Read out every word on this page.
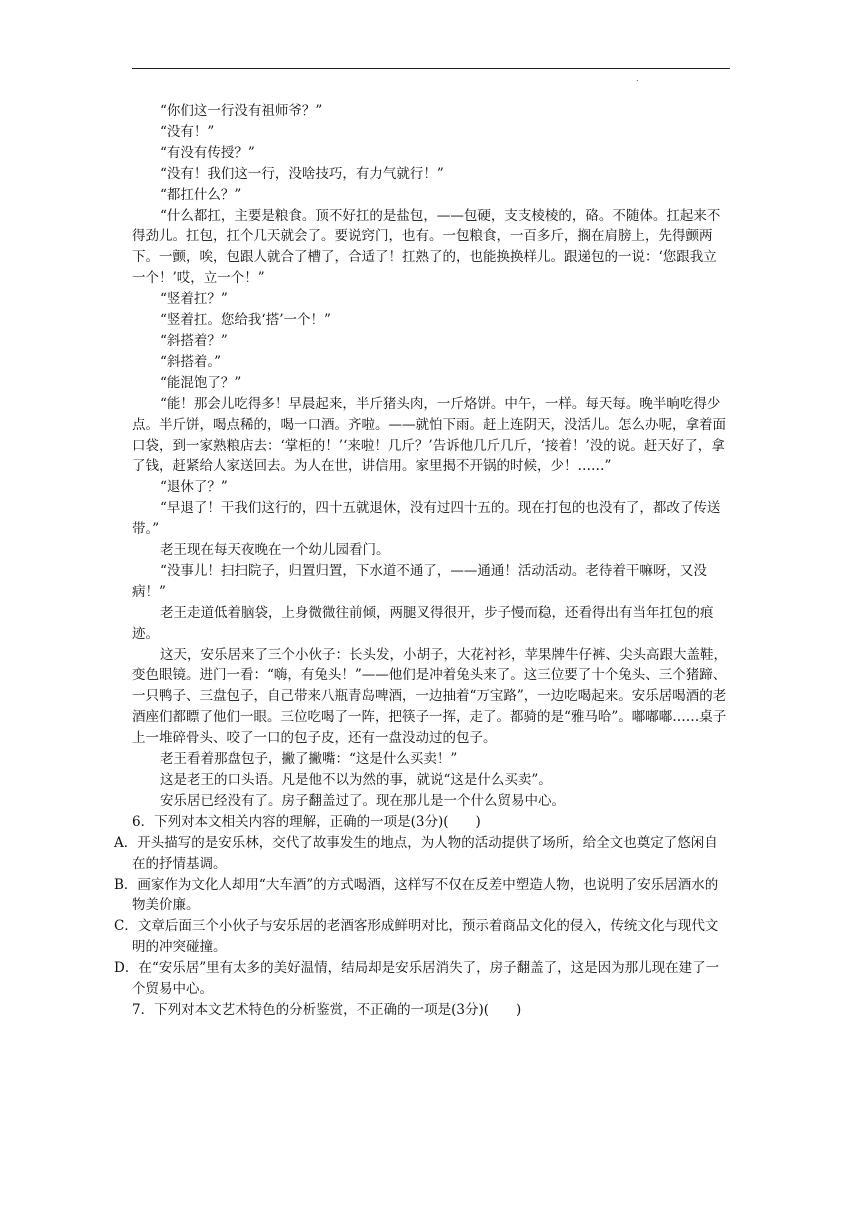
.

“你们这一行没有祖师爷？”

“没有！”

“有没有传授？”

“没有！我们这一行，没啥技巧，有力气就行！”

“都扛什么？”

“什么都扛，主要是粮食。顶不好扛的是盐包，——包硬，支支棱棱的，硌。不随体。扛起来不得劲儿。扛包，扛个几天就会了。要说窍门，也有。一包粮食，一百多斤，搁在肩膀上，先得颤两下。一颤，唉，包跟人就合了槽了，合适了！扛熟了的，也能换换样儿。跟递包的一说：‘您跟我立一个！’哎，立一个！”

“竖着扛？”

“竖着扛。您给我‘搭’一个！”

“斜搭着？”

“斜搭着。”

“能混饱了？”

“能！那会儿吃得多！早晨起来，半斤猪头肉，一斤烙饼。中午，一样。每天每。晚半晌吃得少点。半斤饼，喝点稀的，喝一口酒。齐啦。——就怕下雨。赶上连阴天，没活儿。怎么办呢，拿着面口袋，到一家熟粮店去：‘掌柜的！’‘来啦！几斤？’告诉他几斤几斤，‘接着！’没的说。赶天好了，拿了钱，赶紧给人家送回去。为人在世，讲信用。家里揭不开锅的时候，少！……”

“退休了？”

“早退了！干我们这行的，四十五就退休，没有过四十五的。现在打包的也没有了，都改了传送带。”

老王现在每天夜晚在一个幼儿园看门。

“没事儿！扫扫院子，归置归置，下水道不通了，——通通！活动活动。老待着干嘛呀，又没病！”

老王走道低着脑袋，上身微微往前倾，两腿叉得很开，步子慢而稳，还看得出有当年扛包的痕迹。

这天，安乐居来了三个小伙子：长头发，小胡子，大花衬衫，苹果牌牛仔裤、尖头高跟大盖鞋，变色眼镜。进门一看：“嗨，有兔头！”——他们是冲着兔头来了。这三位要了十个兔头、三个猪蹄、一只鸭子、三盘包子，自己带来八瓶青岛啤酒，一边抽着“万宝路”，一边吃喝起来。安乐居喝酒的老酒座们都瞟了他们一眼。三位吃喝了一阵，把筷子一挥，走了。都骑的是“雅马哈”。嘟嘟嘟……桌子上一堆碎骨头、咬了一口的包子皮，还有一盘没动过的包子。

老王看着那盘包子，撇了撇嘴：“这是什么买卖！”

这是老王的口头语。凡是他不以为然的事，就说“这是什么买卖”。

安乐居已经没有了。房子翻盖过了。现在那儿是一个什么贸易中心。

6．下列对本文相关内容的理解，正确的一项是(3分)(　　)

A．开头描写的是安乐林，交代了故事发生的地点，为人物的活动提供了场所，给全文也奠定了悠闲自在的抒情基调。

B．画家作为文化人却用“大车酒”的方式喝酒，这样写不仅在反差中塑造人物，也说明了安乐居酒水的物美价廉。

C．文章后面三个小伙子与安乐居的老酒客形成鲜明对比，预示着商品文化的侵入，传统文化与现代文明的冲突碰撞。

D．在“安乐居”里有太多的美好温情，结局却是安乐居消失了，房子翻盖了，这是因为那儿现在建了一个贸易中心。

7．下列对本文艺术特色的分析鉴赏，不正确的一项是(3分)(　　)
